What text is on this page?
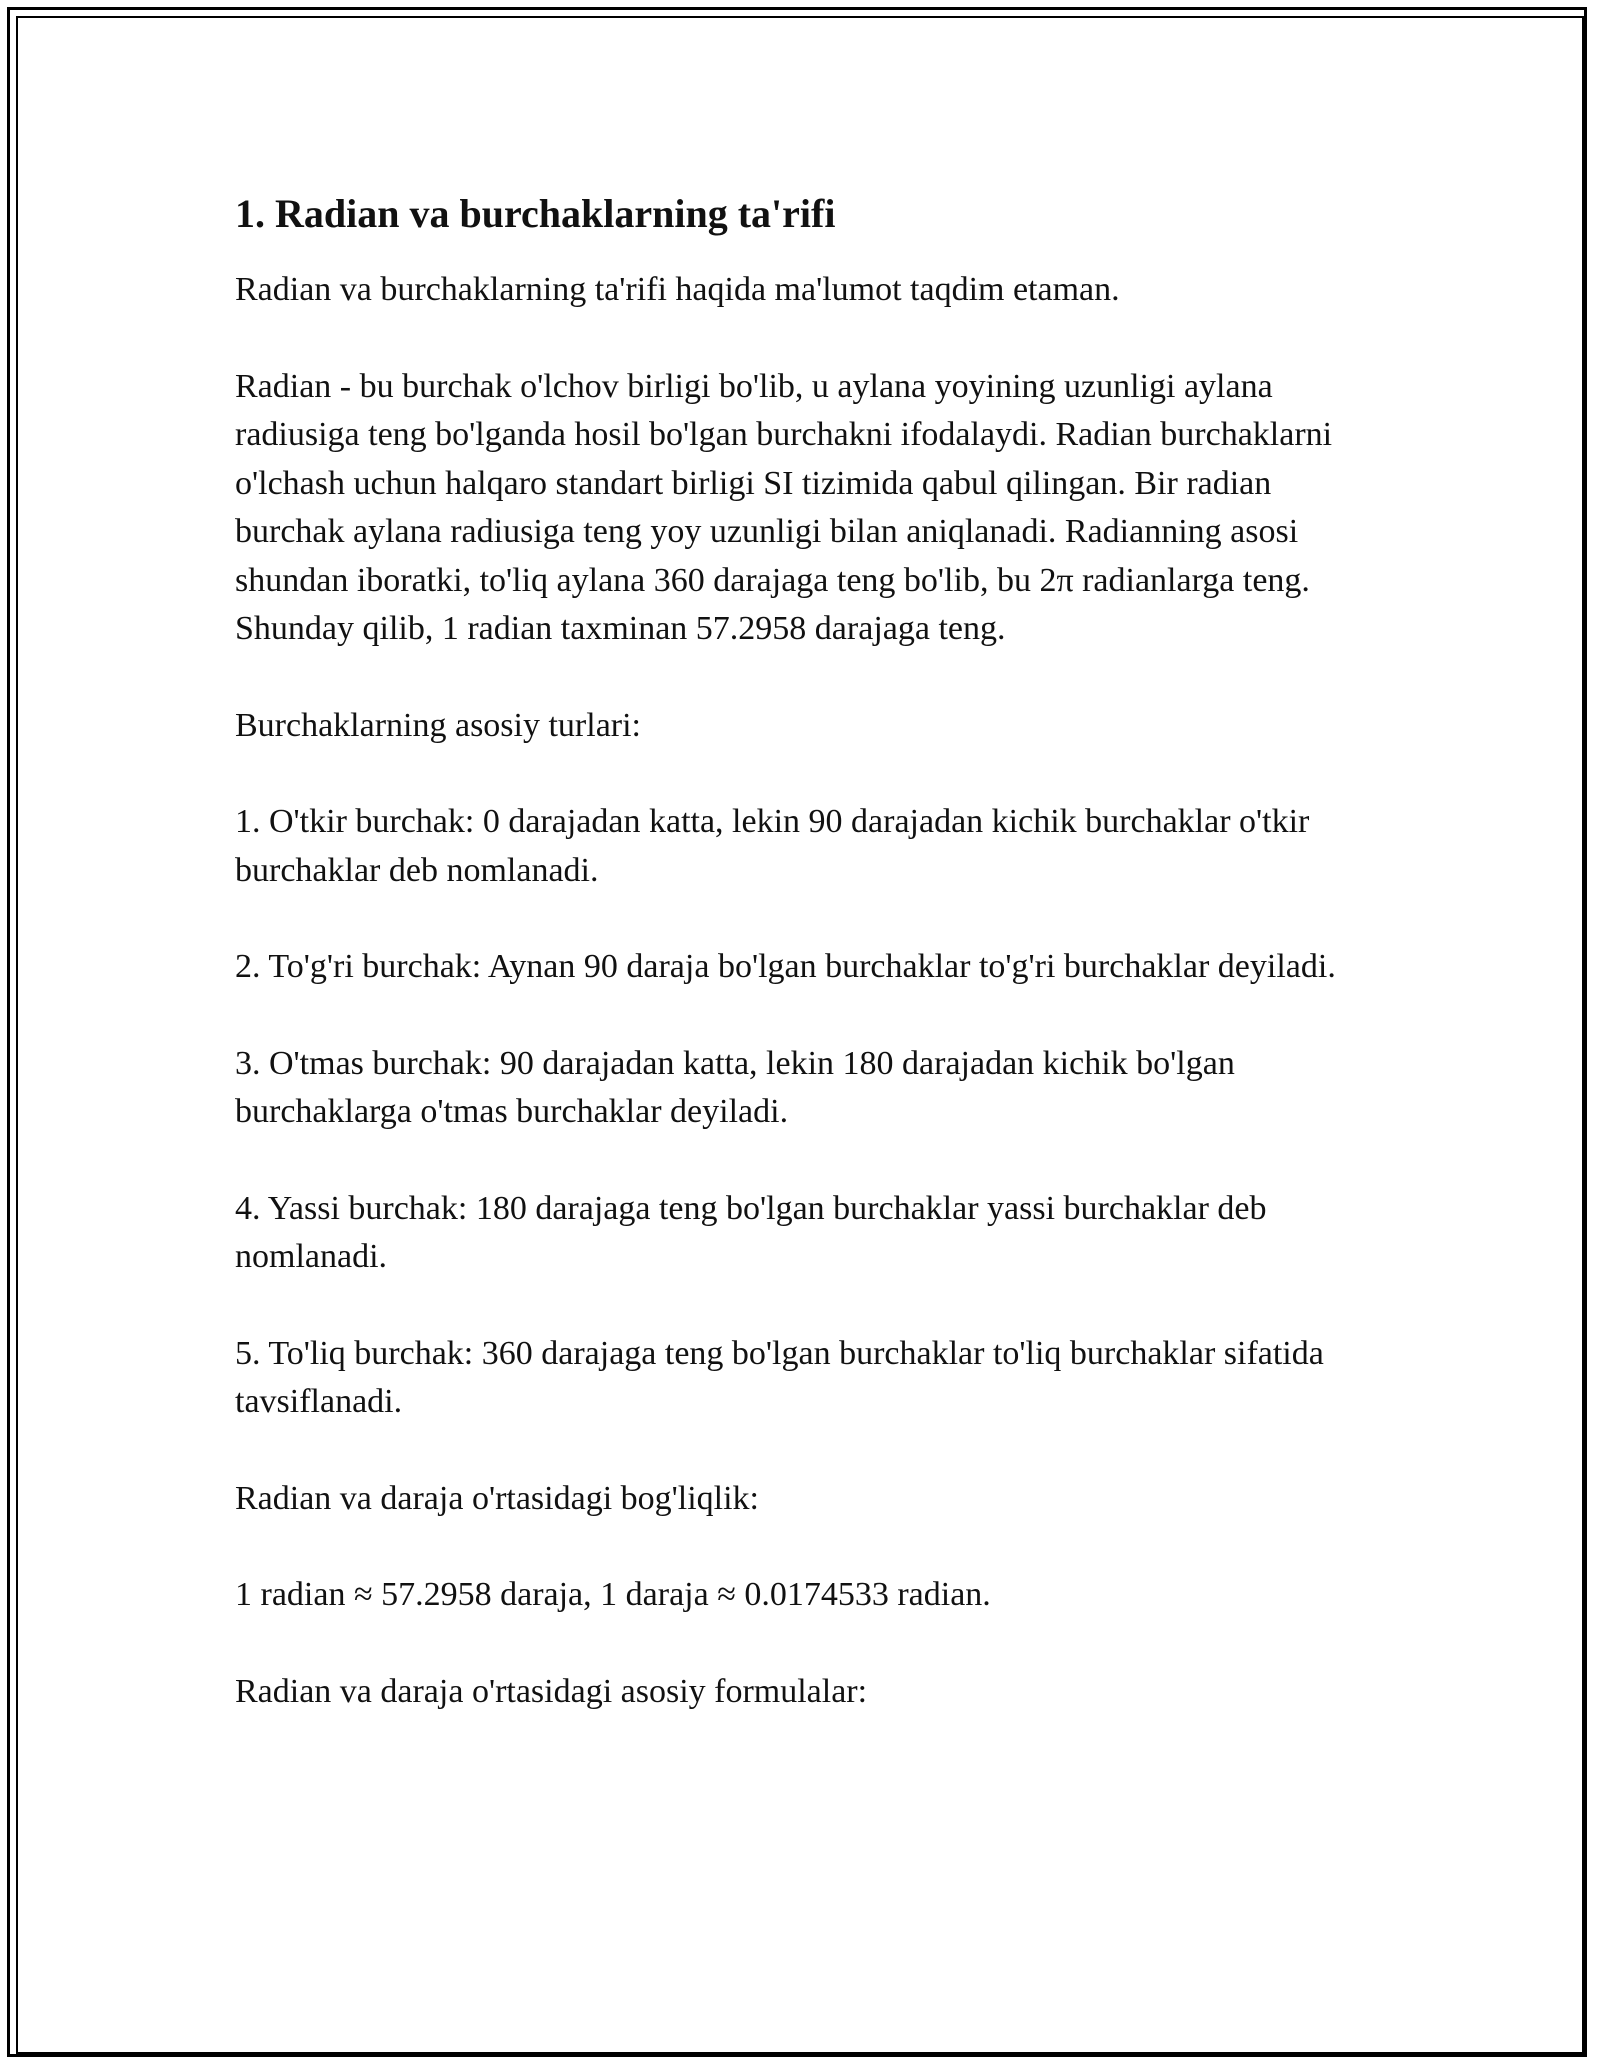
1. Radian va burchaklarning ta'rifi

Radian va burchaklarning ta'rifi haqida ma'lumot taqdim etaman.

Radian - bu burchak o'lchov birligi bo'lib, u aylana yoyining uzunligi aylana radiusiga teng bo'lganda hosil bo'lgan burchakni ifodalaydi. Radian burchaklarni o'lchash uchun halqaro standart birligi SI tizimida qabul qilingan. Bir radian burchak aylana radiusiga teng yoy uzunligi bilan aniqlanadi. Radianning asosi shundan iboratki, to'liq aylana 360 darajaga teng bo'lib, bu 2π radianlarga teng. Shunday qilib, 1 radian taxminan 57.2958 darajaga teng.

Burchaklarning asosiy turlari:

1. O'tkir burchak: 0 darajadan katta, lekin 90 darajadan kichik burchaklar o'tkir burchaklar deb nomlanadi.

2. To'g'ri burchak: Aynan 90 daraja bo'lgan burchaklar to'g'ri burchaklar deyiladi.

3. O'tmas burchak: 90 darajadan katta, lekin 180 darajadan kichik bo'lgan burchaklarga o'tmas burchaklar deyiladi.

4. Yassi burchak: 180 darajaga teng bo'lgan burchaklar yassi burchaklar deb nomlanadi.

5. To'liq burchak: 360 darajaga teng bo'lgan burchaklar to'liq burchaklar sifatida tavsiflanadi.

Radian va daraja o'rtasidagi bog'liqlik:

1 radian ≈ 57.2958 daraja, 1 daraja ≈ 0.0174533 radian.

Radian va daraja o'rtasidagi asosiy formulalar:
